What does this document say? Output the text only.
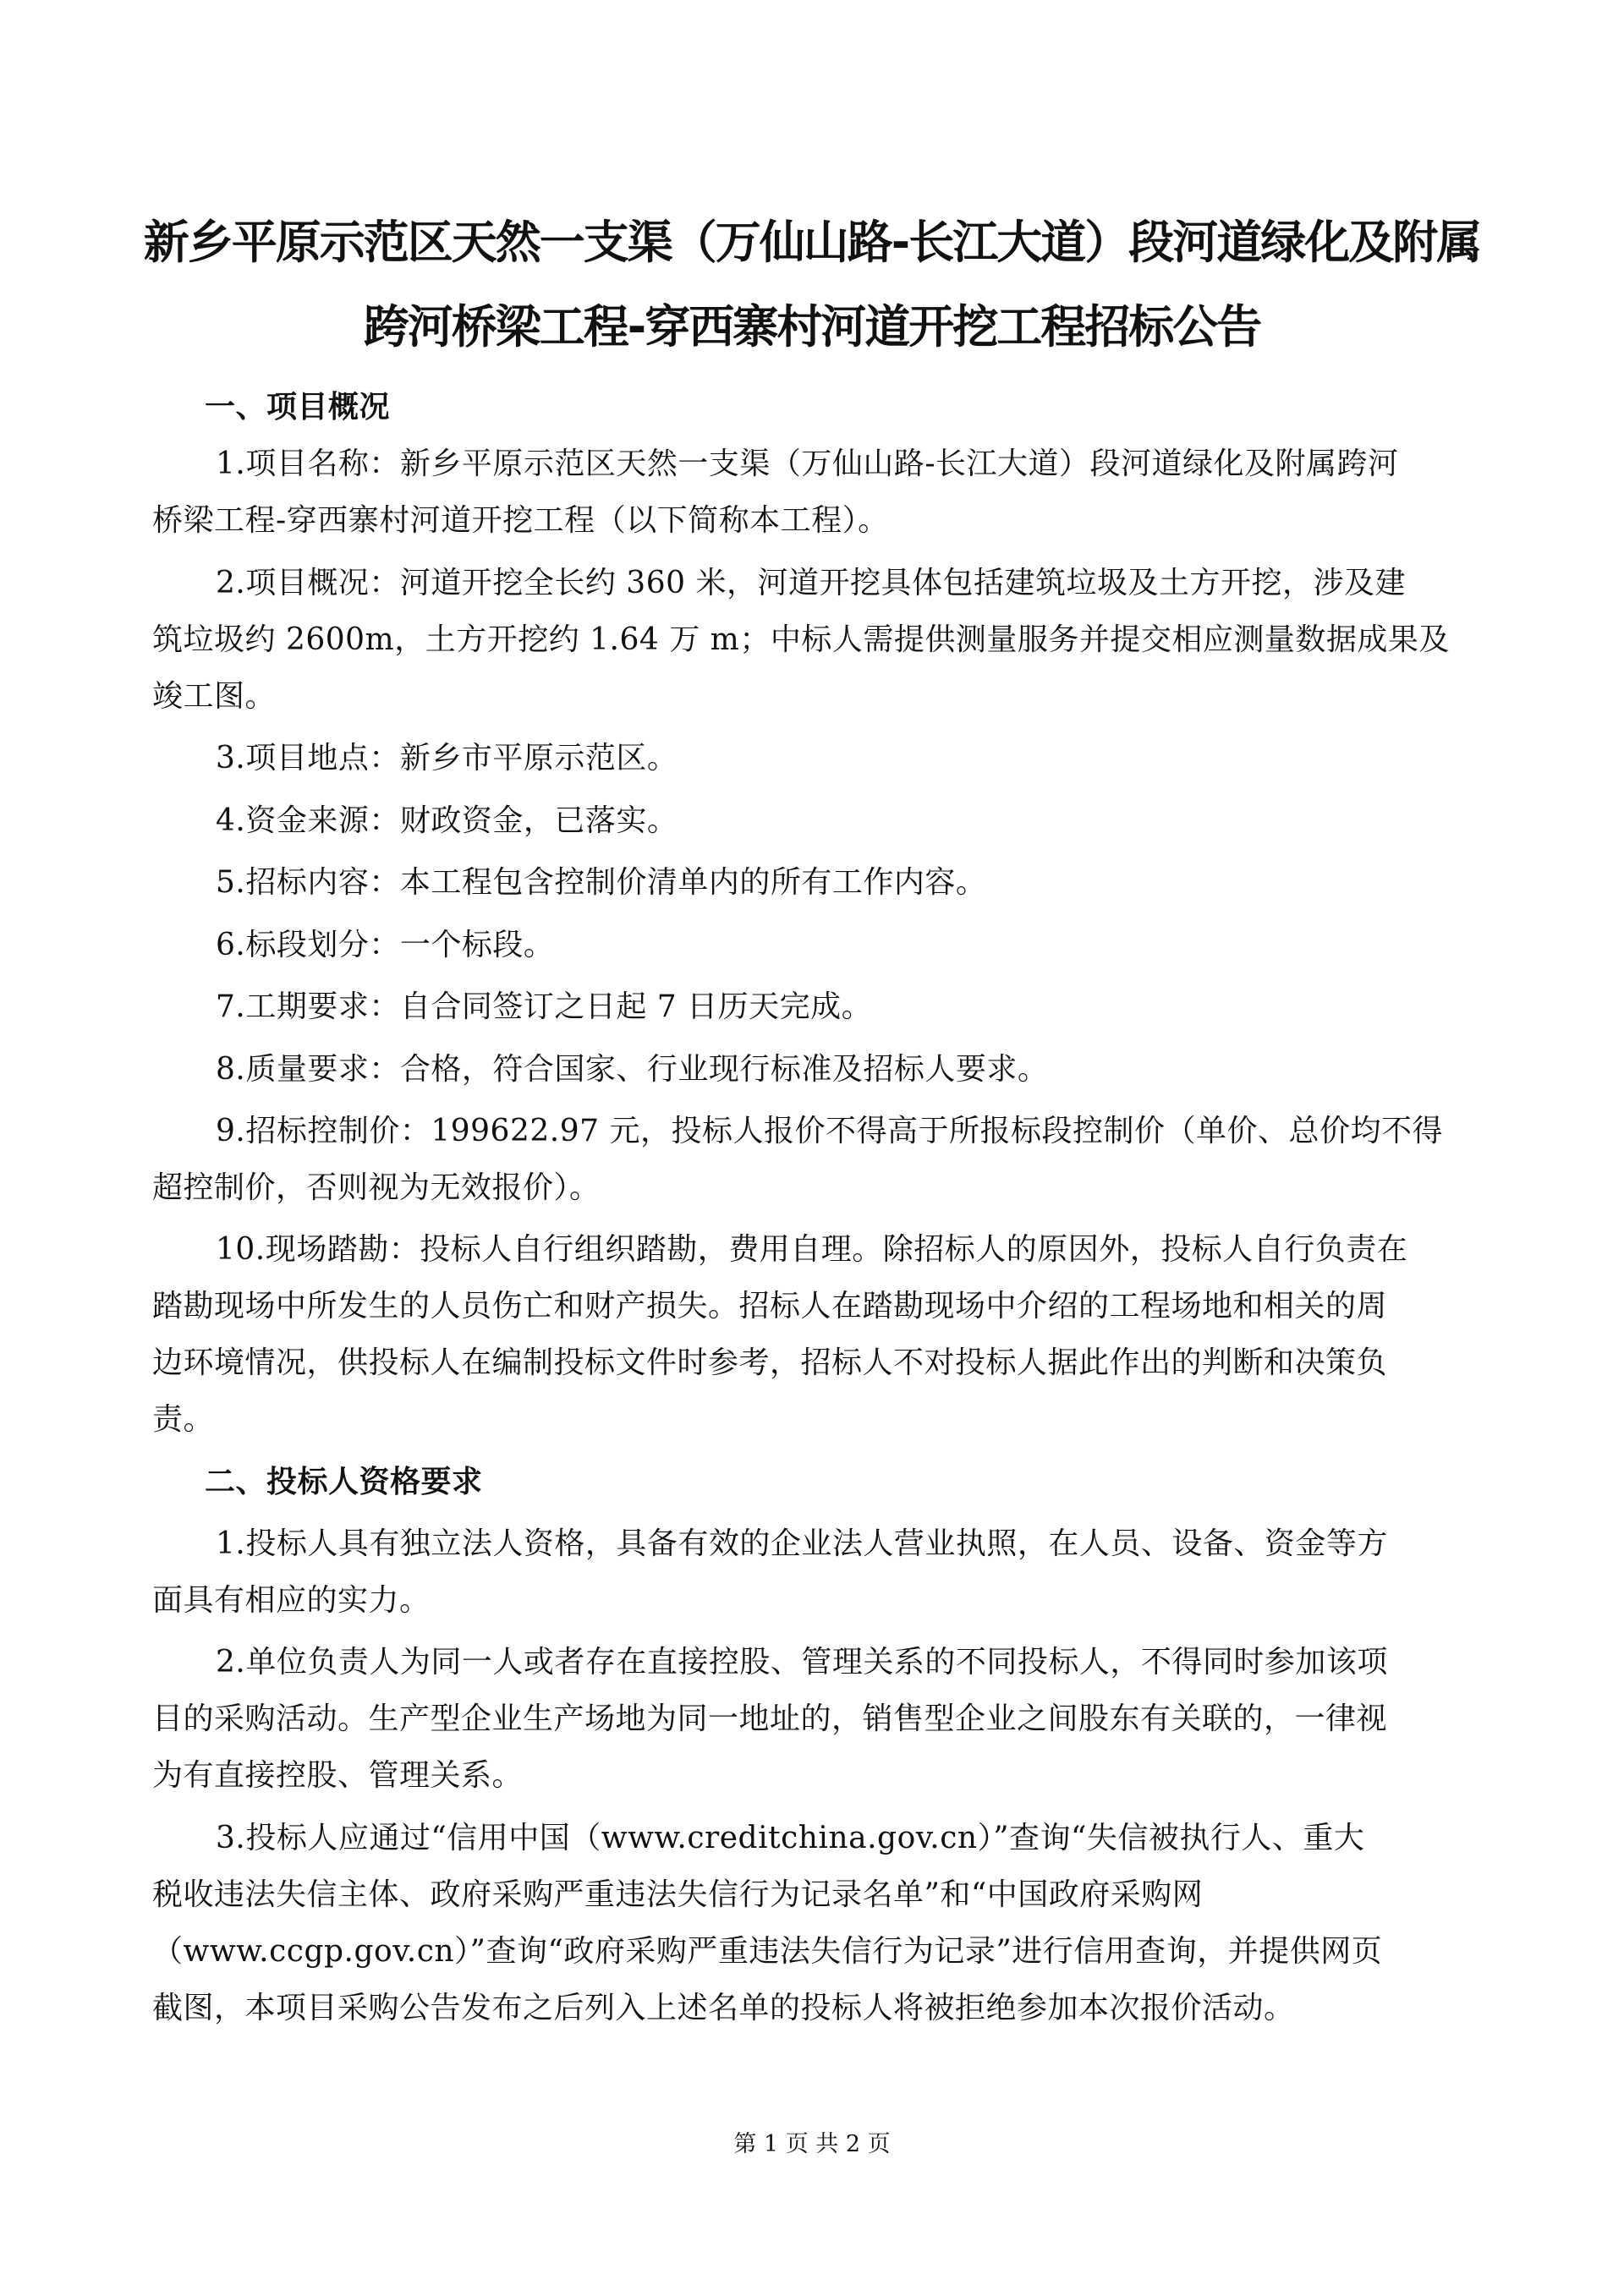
新乡平原示范区天然一支渠（万仙山路-长江大道）段河道绿化及附属
跨河桥梁工程-穿西寨村河道开挖工程招标公告
一、项目概况
1.项目名称：新乡平原示范区天然一支渠（万仙山路-长江大道）段河道绿化及附属跨河
桥梁工程-穿西寨村河道开挖工程（以下简称本工程）。
2.项目概况：河道开挖全长约 360 米，河道开挖具体包括建筑垃圾及土方开挖，涉及建
筑垃圾约 2600m，土方开挖约 1.64 万 m；中标人需提供测量服务并提交相应测量数据成果及
竣工图。
3.项目地点：新乡市平原示范区。
4.资金来源：财政资金，已落实。
5.招标内容：本工程包含控制价清单内的所有工作内容。
6.标段划分：一个标段。
7.工期要求：自合同签订之日起 7 日历天完成。
8.质量要求：合格，符合国家、行业现行标准及招标人要求。
9.招标控制价：199622.97 元，投标人报价不得高于所报标段控制价（单价、总价均不得
超控制价，否则视为无效报价）。
10.现场踏勘：投标人自行组织踏勘，费用自理。除招标人的原因外，投标人自行负责在
踏勘现场中所发生的人员伤亡和财产损失。招标人在踏勘现场中介绍的工程场地和相关的周
边环境情况，供投标人在编制投标文件时参考，招标人不对投标人据此作出的判断和决策负
责。
二、投标人资格要求
1.投标人具有独立法人资格，具备有效的企业法人营业执照，在人员、设备、资金等方
面具有相应的实力。
2.单位负责人为同一人或者存在直接控股、管理关系的不同投标人，不得同时参加该项
目的采购活动。生产型企业生产场地为同一地址的，销售型企业之间股东有关联的，一律视
为有直接控股、管理关系。
3.投标人应通过“信用中国（www.creditchina.gov.cn）”查询“失信被执行人、重大
税收违法失信主体、政府采购严重违法失信行为记录名单”和“中国政府采购网
（www.ccgp.gov.cn）”查询“政府采购严重违法失信行为记录”进行信用查询，并提供网页
截图，本项目采购公告发布之后列入上述名单的投标人将被拒绝参加本次报价活动。
第 1 页 共 2 页
